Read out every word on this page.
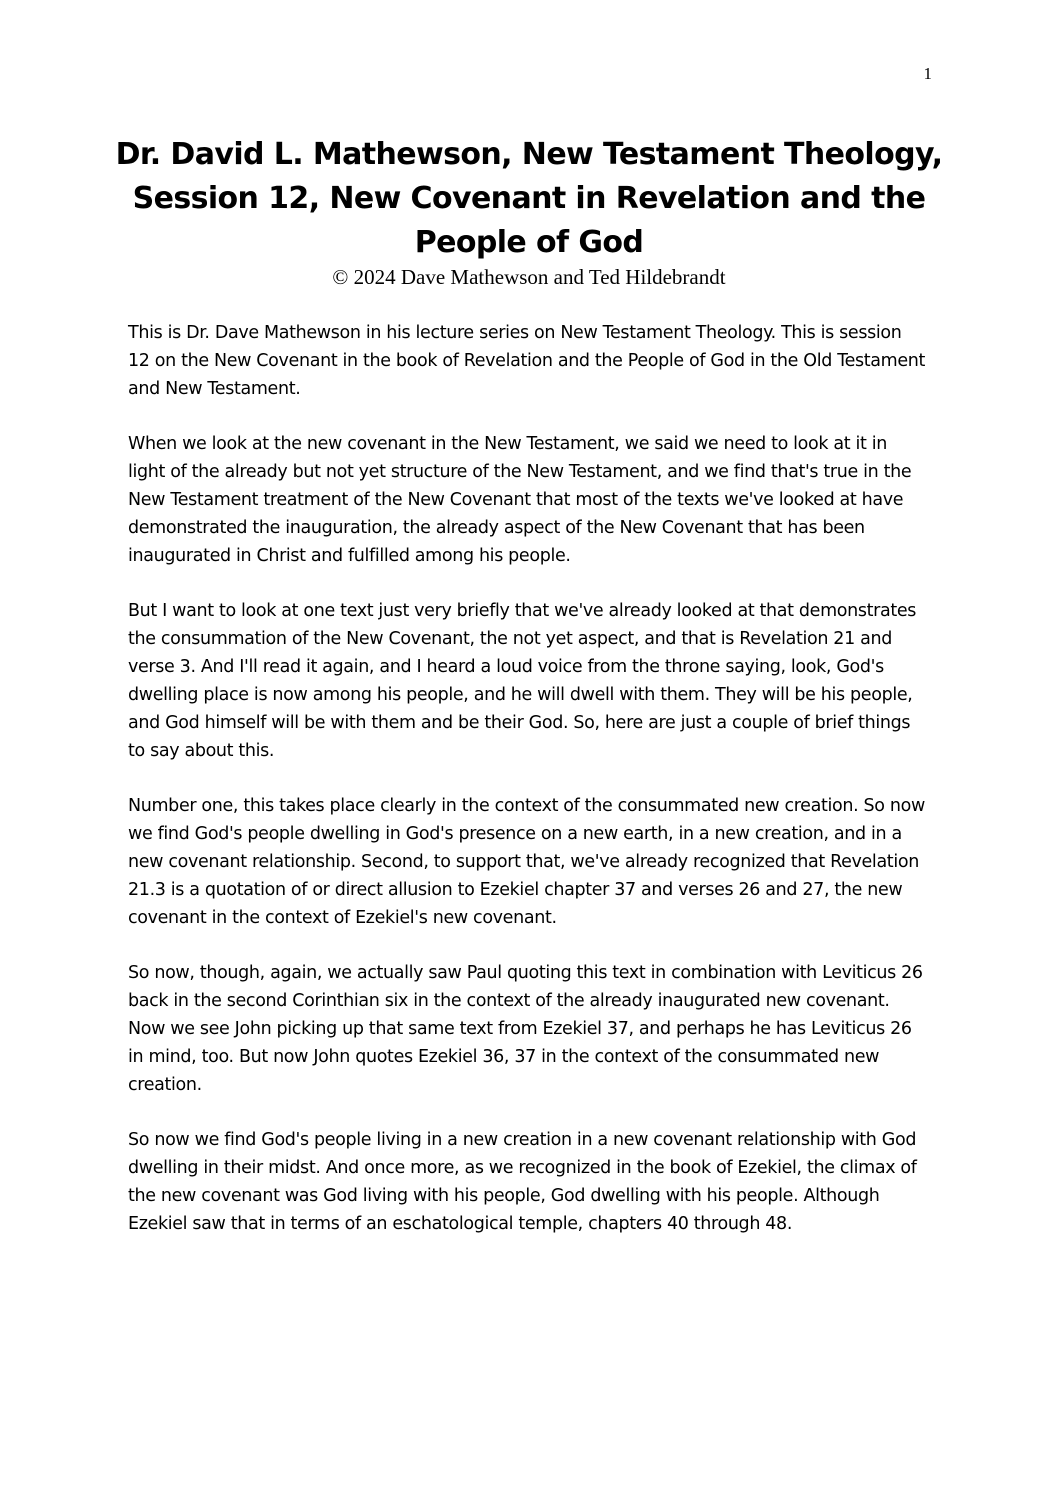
1
Dr. David L. Mathewson, New Testament Theology,
Session 12, New Covenant in Revelation and the
People of God

© 2024 Dave Mathewson and Ted Hildebrandt

This is Dr. Dave Mathewson in his lecture series on New Testament Theology. This is session 12 on the New Covenant in the book of Revelation and the People of God in the Old Testament and New Testament.

When we look at the new covenant in the New Testament, we said we need to look at it in light of the already but not yet structure of the New Testament, and we find that's true in the New Testament treatment of the New Covenant that most of the texts we've looked at have demonstrated the inauguration, the already aspect of the New Covenant that has been inaugurated in Christ and fulfilled among his people.

But I want to look at one text just very briefly that we've already looked at that demonstrates the consummation of the New Covenant, the not yet aspect, and that is Revelation 21 and verse 3. And I'll read it again, and I heard a loud voice from the throne saying, look, God's dwelling place is now among his people, and he will dwell with them. They will be his people, and God himself will be with them and be their God. So, here are just a couple of brief things to say about this.

Number one, this takes place clearly in the context of the consummated new creation. So now we find God's people dwelling in God's presence on a new earth, in a new creation, and in a new covenant relationship. Second, to support that, we've already recognized that Revelation 21.3 is a quotation of or direct allusion to Ezekiel chapter 37 and verses 26 and 27, the new covenant in the context of Ezekiel's new covenant.

So now, though, again, we actually saw Paul quoting this text in combination with Leviticus 26 back in the second Corinthian six in the context of the already inaugurated new covenant. Now we see John picking up that same text from Ezekiel 37, and perhaps he has Leviticus 26 in mind, too. But now John quotes Ezekiel 36, 37 in the context of the consummated new creation.

So now we find God's people living in a new creation in a new covenant relationship with God dwelling in their midst. And once more, as we recognized in the book of Ezekiel, the climax of the new covenant was God living with his people, God dwelling with his people. Although Ezekiel saw that in terms of an eschatological temple, chapters 40 through 48.
